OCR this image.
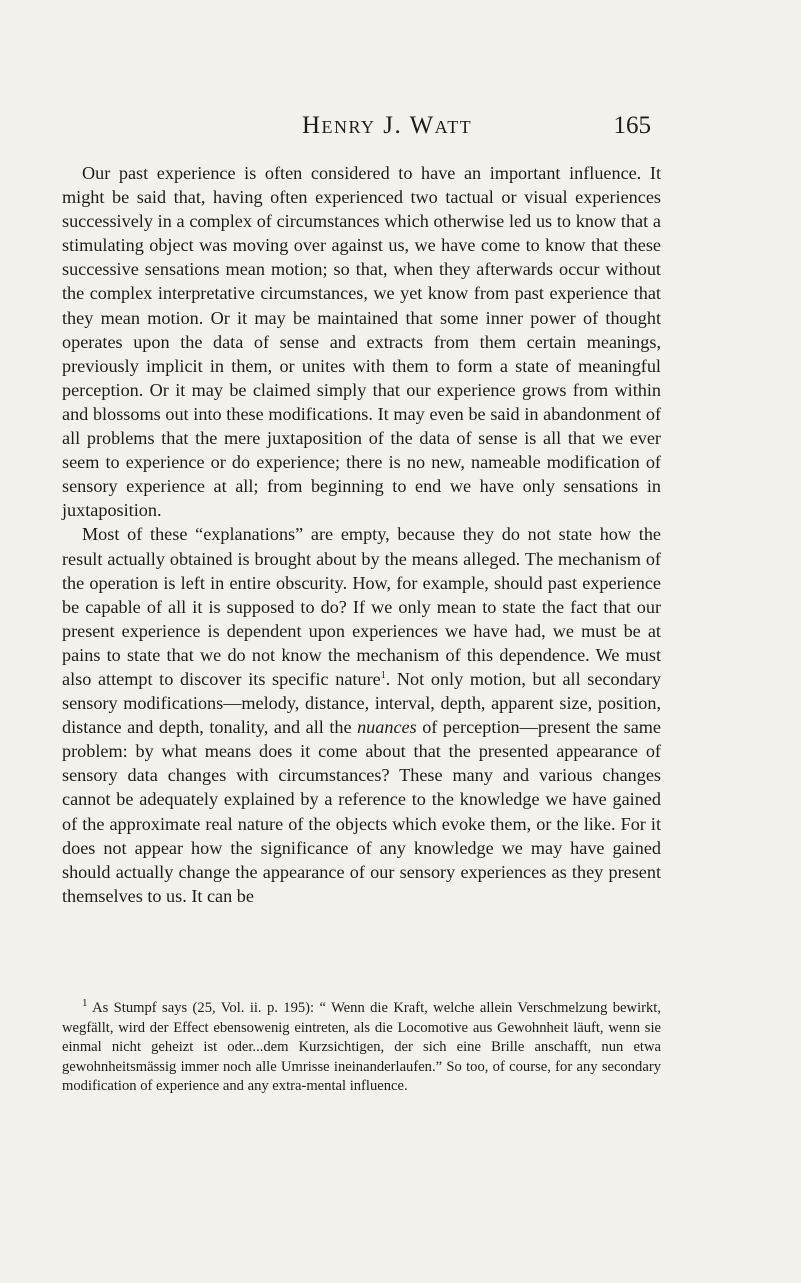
Henry J. Watt	165

Our past experience is often considered to have an important influence. It might be said that, having often experienced two tactual or visual experiences successively in a complex of circumstances which otherwise led us to know that a stimulating object was moving over against us, we have come to know that these successive sensations mean motion; so that, when they afterwards occur without the complex interpretative circumstances, we yet know from past experience that they mean motion. Or it may be maintained that some inner power of thought operates upon the data of sense and extracts from them certain meanings, previously implicit in them, or unites with them to form a state of meaningful perception. Or it may be claimed simply that our experience grows from within and blossoms out into these modifications. It may even be said in abandonment of all problems that the mere juxtaposition of the data of sense is all that we ever seem to experience or do experience; there is no new, nameable modification of sensory experience at all; from beginning to end we have only sensations in juxtaposition.

Most of these “explanations” are empty, because they do not state how the result actually obtained is brought about by the means alleged. The mechanism of the operation is left in entire obscurity. How, for example, should past experience be capable of all it is supposed to do? If we only mean to state the fact that our present experience is dependent upon experiences we have had, we must be at pains to state that we do not know the mechanism of this dependence. We must also attempt to discover its specific nature$^1$. Not only motion, but all secondary sensory modifications—melody, distance, interval, depth, apparent size, position, distance and depth, tonality, and all the nuances of perception—present the same problem: by what means does it come about that the presented appearance of sensory data changes with circumstances? These many and various changes cannot be adequately explained by a reference to the knowledge we have gained of the approximate real nature of the objects which evoke them, or the like. For it does not appear how the significance of any knowledge we may have gained should actually change the appearance of our sensory experiences as they present themselves to us. It can be

$^1$ As Stumpf says (25, Vol. ii. p. 195): “ Wenn die Kraft, welche allein Verschmelzung bewirkt, wegfällt, wird der Effect ebensowenig eintreten, als die Locomotive aus Gewohnheit läuft, wenn sie einmal nicht geheizt ist oder...dem Kurzsichtigen, der sich eine Brille anschafft, nun etwa gewohnheitsmässig immer noch alle Umrisse ineinanderlaufen.” So too, of course, for any secondary modification of experience and any extra-mental influence.
